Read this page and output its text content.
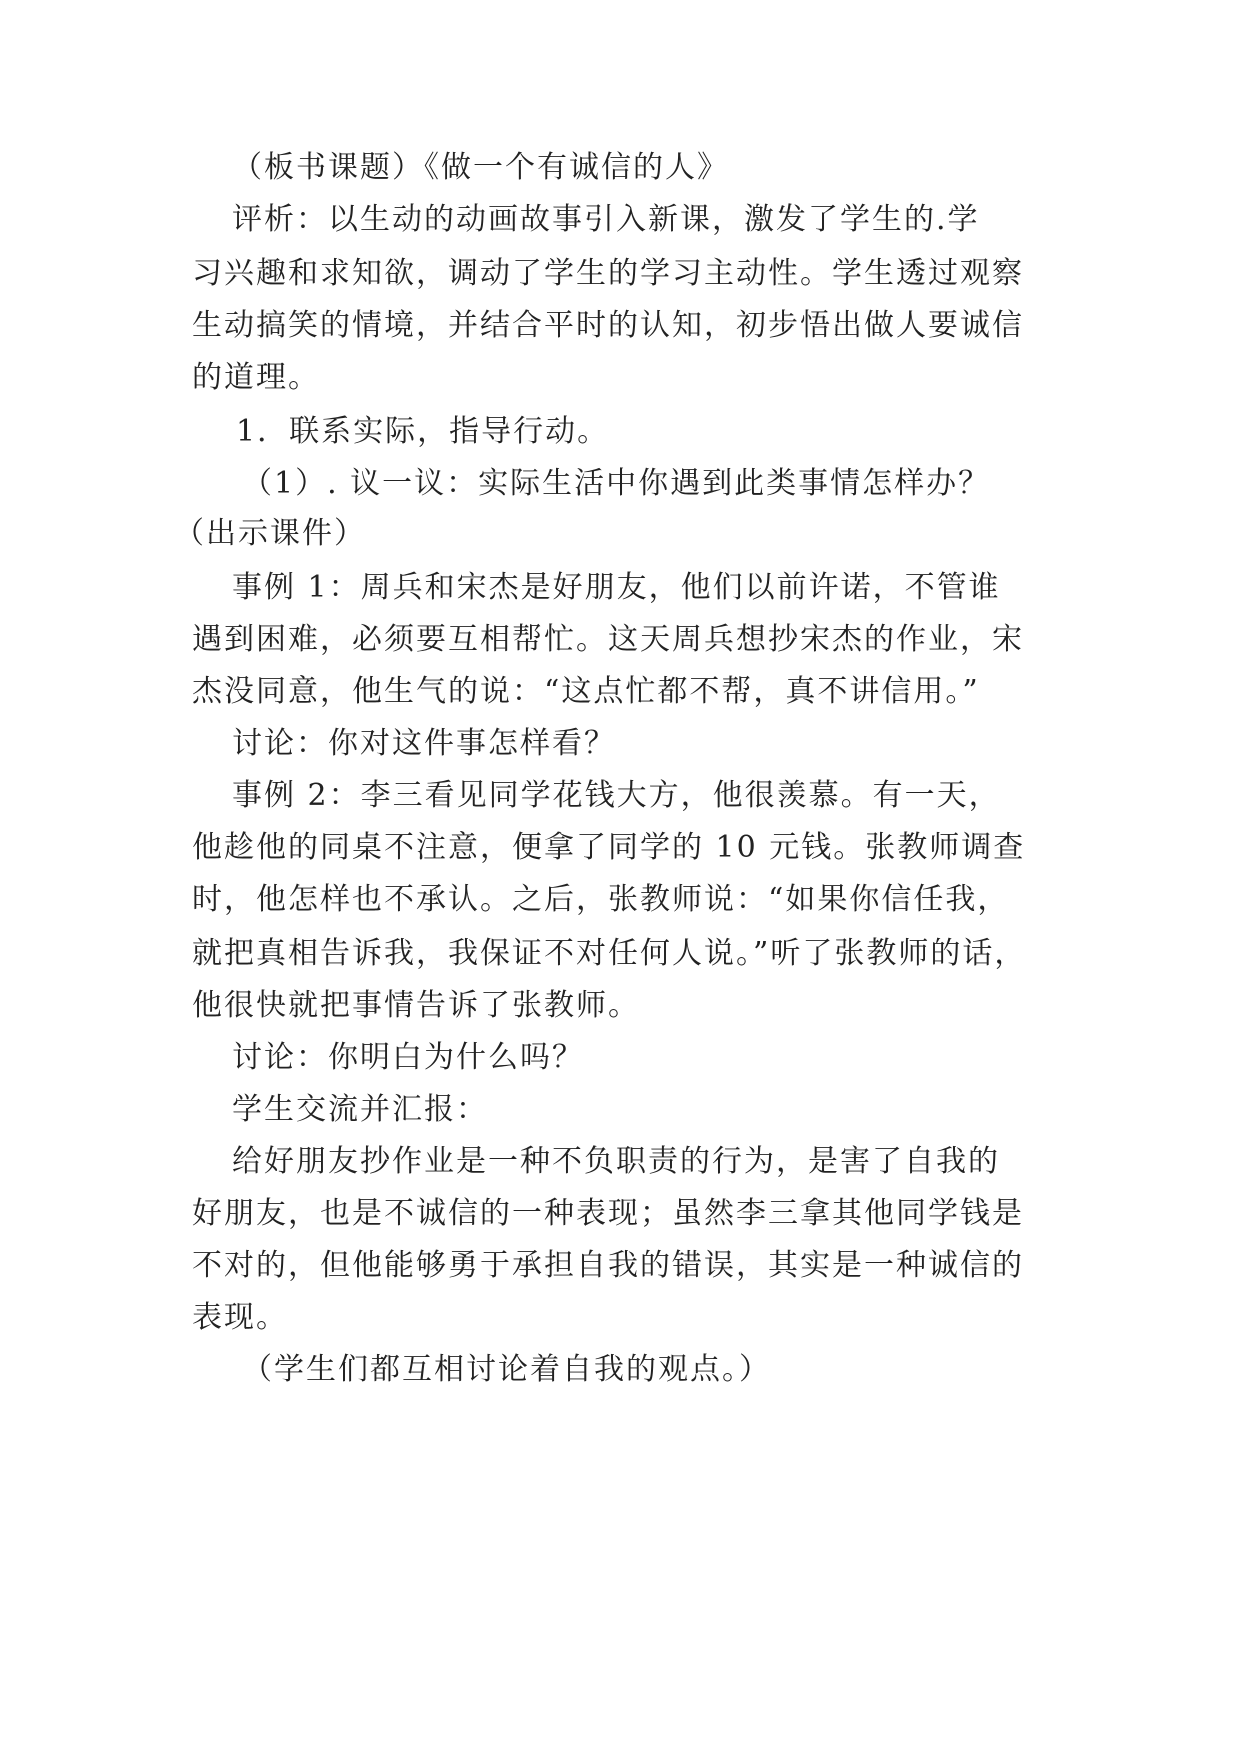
（板书课题）《做一个有诚信的人》
评析：以生动的动画故事引入新课，激发了学生的.学
习兴趣和求知欲，调动了学生的学习主动性。学生透过观察
生动搞笑的情境，并结合平时的认知，初步悟出做人要诚信
的道理。
1．联系实际，指导行动。
（1）. 议一议：实际生活中你遇到此类事情怎样办？
（出示课件）
事例 1：周兵和宋杰是好朋友，他们以前许诺，不管谁
遇到困难，必须要互相帮忙。这天周兵想抄宋杰的作业，宋
杰没同意，他生气的说：“这点忙都不帮，真不讲信用。”
讨论：你对这件事怎样看？
事例 2：李三看见同学花钱大方，他很羡慕。有一天，
他趁他的同桌不注意，便拿了同学的 10 元钱。张教师调查
时，他怎样也不承认。之后，张教师说：“如果你信任我，
就把真相告诉我，我保证不对任何人说。”听了张教师的话，
他很快就把事情告诉了张教师。
讨论：你明白为什么吗？
学生交流并汇报：
给好朋友抄作业是一种不负职责的行为，是害了自我的
好朋友，也是不诚信的一种表现；虽然李三拿其他同学钱是
不对的，但他能够勇于承担自我的错误，其实是一种诚信的
表现。
（学生们都互相讨论着自我的观点。）
